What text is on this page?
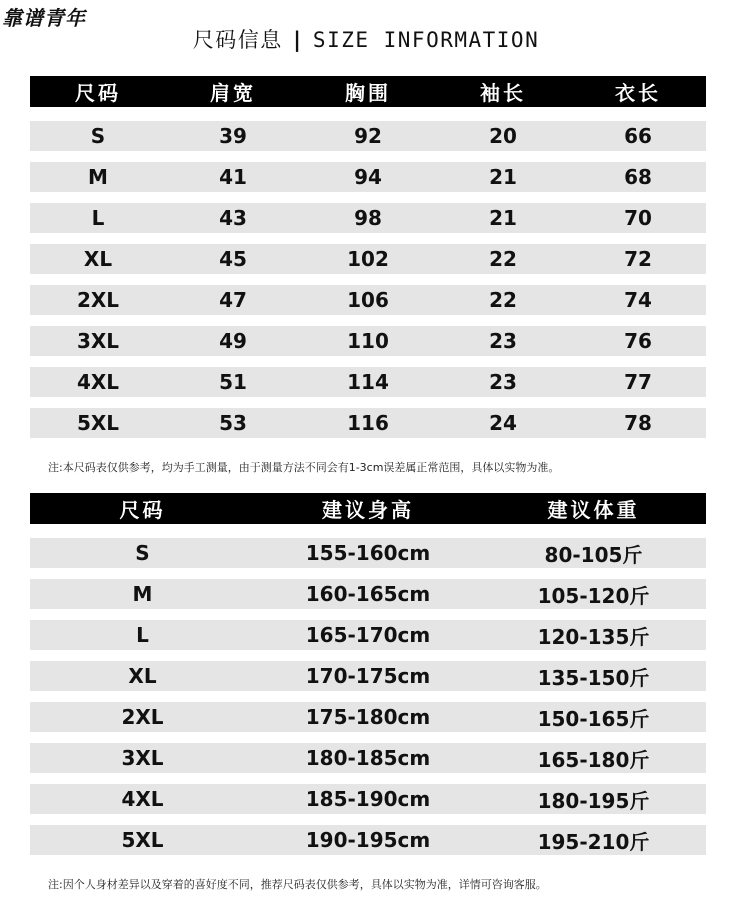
靠谱青年
尺码信息 | SIZE INFORMATION
尺码	肩宽	胸围	袖长	衣长
S	39	92	20	66
M	41	94	21	68
L	43	98	21	70
XL	45	102	22	72
2XL	47	106	22	74
3XL	49	110	23	76
4XL	51	114	23	77
5XL	53	116	24	78
注:本尺码表仅供参考，均为手工测量，由于测量方法不同会有1-3cm误差属正常范围，具体以实物为准。
尺码	建议身高	建议体重
S	155-160cm	80-105斤
M	160-165cm	105-120斤
L	165-170cm	120-135斤
XL	170-175cm	135-150斤
2XL	175-180cm	150-165斤
3XL	180-185cm	165-180斤
4XL	185-190cm	180-195斤
5XL	190-195cm	195-210斤
注:因个人身材差异以及穿着的喜好度不同，推荐尺码表仅供参考，具体以实物为准，详情可咨询客服。
